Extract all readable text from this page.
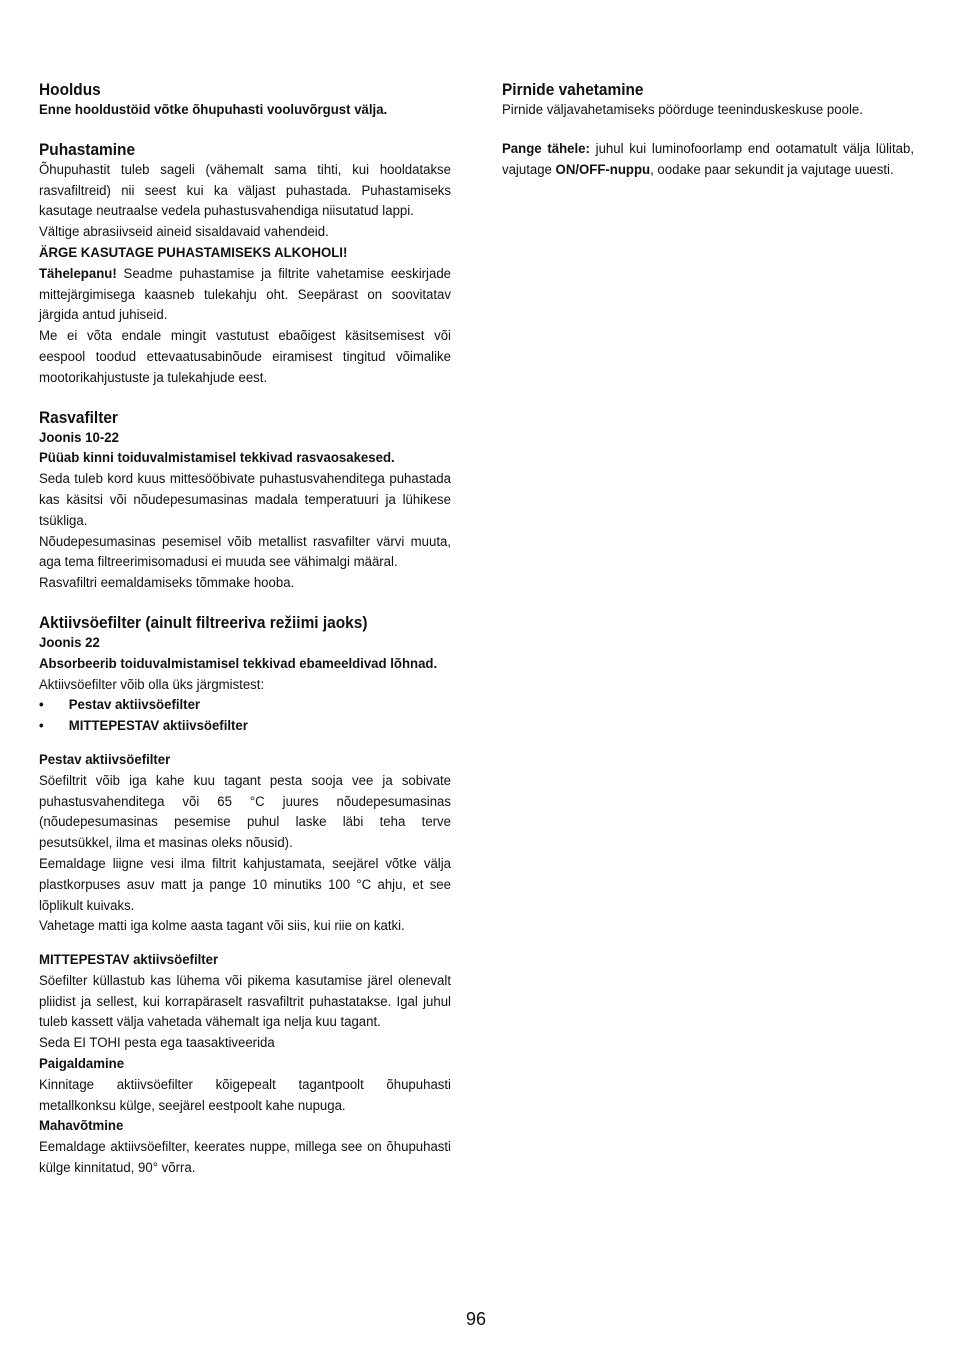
Hooldus

Enne hooldustöid võtke õhupuhasti vooluvõrgust välja.

Puhastamine

Õhupuhastit tuleb sageli (vähemalt sama tihti, kui hooldatakse rasvafiltreid) nii seest kui ka väljast puhastada. Puhastamiseks kasutage neutraalse vedela puhastusvahendiga niisutatud lappi.

Vältige abrasiivseid aineid sisaldavaid vahendeid.

ÄRGE KASUTAGE PUHASTAMISEKS ALKOHOLI!

Tähelepanu! Seadme puhastamise ja filtrite vahetamise eeskirjade mittejärgimisega kaasneb tulekahju oht. Seepärast on soovitatav järgida antud juhiseid.

Me ei võta endale mingit vastutust ebaõigest käsitsemisest või eespool toodud ettevaatusabinõude eiramisest tingitud võimalike mootorikahjustuste ja tulekahjude eest.

Rasvafilter

Joonis 10-22

Püüab kinni toiduvalmistamisel tekkivad rasvaosakesed.

Seda tuleb kord kuus mittesööbivate puhastusvahenditega puhastada kas käsitsi või nõudepesumasinas madala temperatuuri ja lühikese tsükliga.

Nõudepesumasinas pesemisel võib metallist rasvafilter värvi muuta, aga tema filtreerimisomadusi ei muuda see vähimalgi määral.

Rasvafiltri eemaldamiseks tõmmake hooba.

Aktiivsöefilter (ainult filtreeriva režiimi jaoks)

Joonis 22

Absorbeerib toiduvalmistamisel tekkivad ebameeldivad lõhnad.

Aktiivsöefilter võib olla üks järgmistest:

•	Pestav aktiivsöefilter
•	MITTEPESTAV aktiivsöefilter

Pestav aktiivsöefilter

Söefiltrit võib iga kahe kuu tagant pesta sooja vee ja sobivate puhastusvahenditega või 65 °C juures nõudepesumasinas (nõudepesumasinas pesemise puhul laske läbi teha terve pesutsükkel, ilma et masinas oleks nõusid).

Eemaldage liigne vesi ilma filtrit kahjustamata, seejärel võtke välja plastkorpuses asuv matt ja pange 10 minutiks 100 °C ahju, et see lõplikult kuivaks.

Vahetage matti iga kolme aasta tagant või siis, kui riie on katki.

MITTEPESTAV aktiivsöefilter

Söefilter küllastub kas lühema või pikema kasutamise järel olenevalt pliidist ja sellest, kui korrapäraselt rasvafiltrit puhastatakse. Igal juhul tuleb kassett välja vahetada vähemalt iga nelja kuu tagant.

Seda EI TOHI pesta ega taasaktiveerida

Paigaldamine

Kinnitage aktiivsöefilter kõigepealt tagantpoolt õhupuhasti metallkonksu külge, seejärel eestpoolt kahe nupuga.

Mahavõtmine

Eemaldage aktiivsöefilter, keerates nuppe, millega see on õhupuhasti külge kinnitatud, 90° võrra.

Pirnide vahetamine

Pirnide väljavahetamiseks pöörduge teeninduskeskuse poole.

Pange tähele: juhul kui luminofoorlamp end ootamatult välja lülitab, vajutage ON/OFF-nuppu, oodake paar sekundit ja vajutage uuesti.

96
